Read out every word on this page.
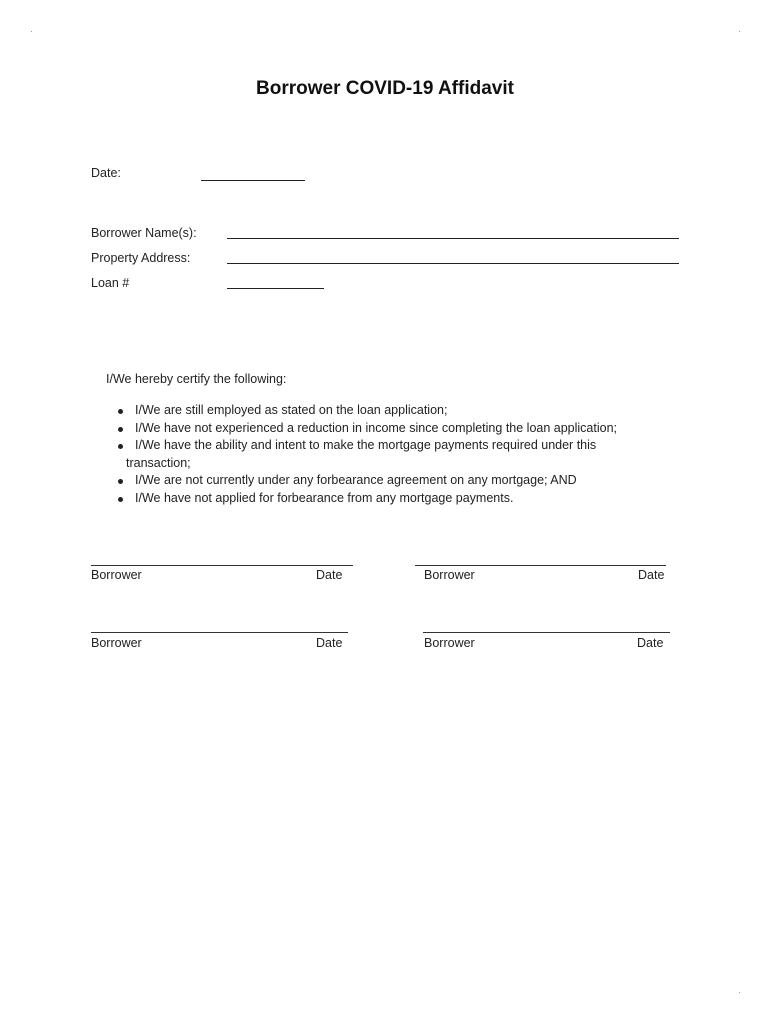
Borrower COVID-19 Affidavit
Date:
Borrower Name(s):
Property Address:
Loan #
I/We hereby certify the following:
I/We are still employed as stated on the loan application;
I/We have not experienced a reduction in income since completing the loan application;
I/We have the ability and intent to make the mortgage payments required under this
transaction;
I/We are not currently under any forbearance agreement on any mortgage; AND
I/We have not applied for forbearance from any mortgage payments.
Borrower	Date	Borrower	Date
Borrower	Date	Borrower	Date
